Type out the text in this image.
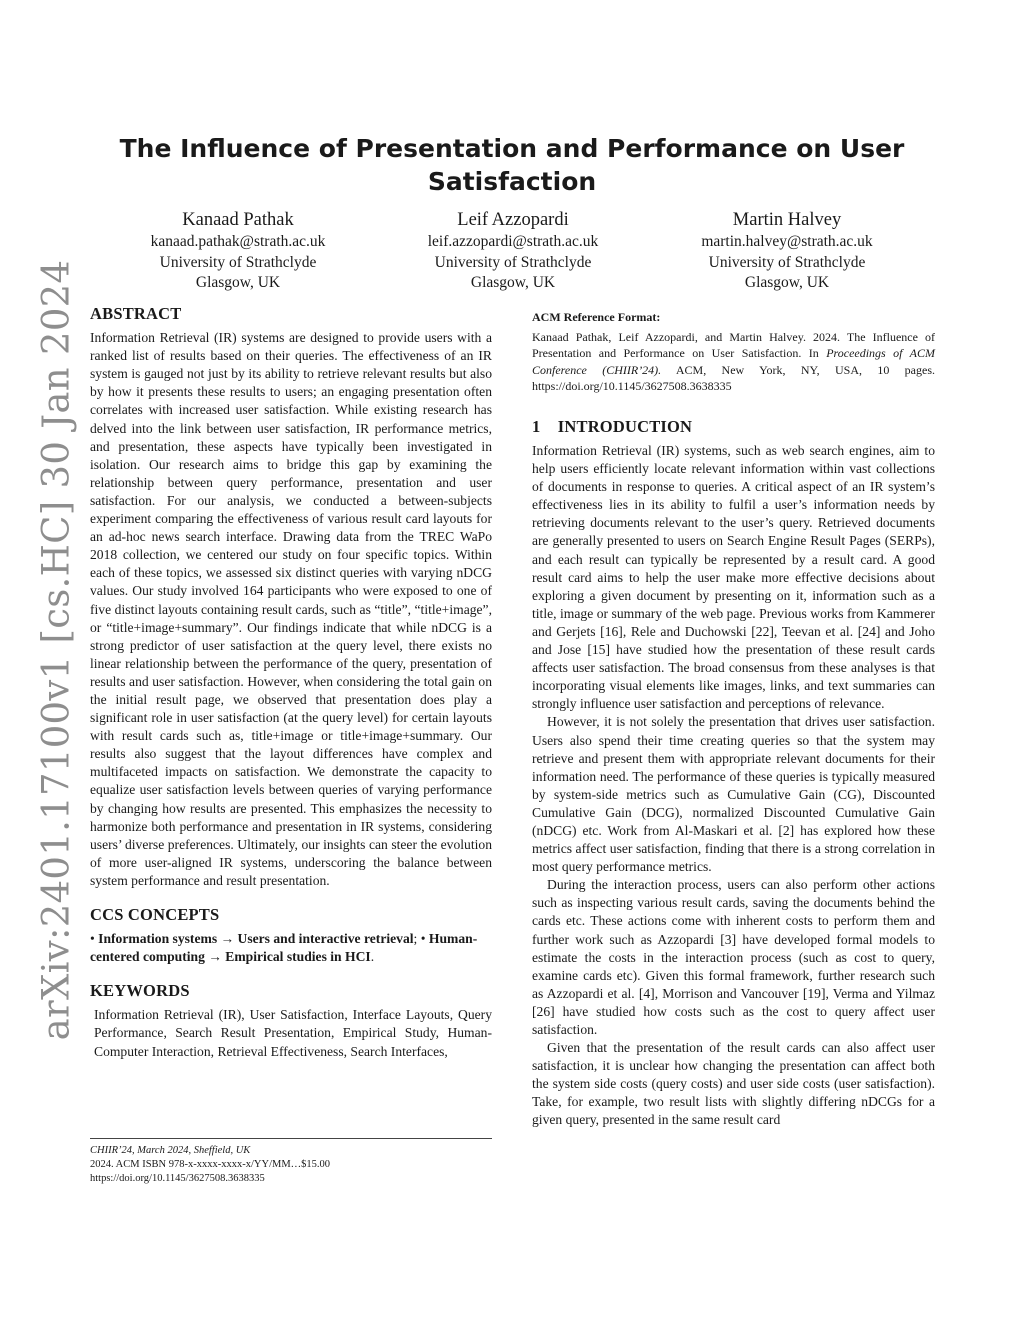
arXiv:2401.17100v1 [cs.HC] 30 Jan 2024
The Influence of Presentation and Performance on User Satisfaction
Kanaad Pathak
kanaad.pathak@strath.ac.uk
University of Strathclyde
Glasgow, UK
Leif Azzopardi
leif.azzopardi@strath.ac.uk
University of Strathclyde
Glasgow, UK
Martin Halvey
martin.halvey@strath.ac.uk
University of Strathclyde
Glasgow, UK
ABSTRACT

Information Retrieval (IR) systems are designed to provide users with a ranked list of results based on their queries. The effectiveness of an IR system is gauged not just by its ability to retrieve relevant results but also by how it presents these results to users; an engaging presentation often correlates with increased user satisfaction. While existing research has delved into the link between user satisfaction, IR performance metrics, and presentation, these aspects have typically been investigated in isolation. Our research aims to bridge this gap by examining the relationship between query performance, presentation and user satisfaction. For our analysis, we conducted a between-subjects experiment comparing the effectiveness of various result card layouts for an ad-hoc news search interface. Drawing data from the TREC WaPo 2018 collection, we centered our study on four specific topics. Within each of these topics, we assessed six distinct queries with varying nDCG values. Our study involved 164 participants who were exposed to one of five distinct layouts containing result cards, such as “title”, “title+image”, or “title+image+summary”. Our findings indicate that while nDCG is a strong predictor of user satisfaction at the query level, there exists no linear relationship between the performance of the query, presentation of results and user satisfaction. However, when considering the total gain on the initial result page, we observed that presentation does play a significant role in user satisfaction (at the query level) for certain layouts with result cards such as, title+image or title+image+summary. Our results also suggest that the layout differences have complex and multifaceted impacts on satisfaction. We demonstrate the capacity to equalize user satisfaction levels between queries of varying performance by changing how results are presented. This emphasizes the necessity to harmonize both performance and presentation in IR systems, considering users’ diverse preferences. Ultimately, our insights can steer the evolution of more user-aligned IR systems, underscoring the balance between system performance and result presentation.

CCS CONCEPTS

• Information systems → Users and interactive retrieval; • Human-centered computing → Empirical studies in HCI.

KEYWORDS

Information Retrieval (IR), User Satisfaction, Interface Layouts, Query Performance, Search Result Presentation, Empirical Study, Human-Computer Interaction, Retrieval Effectiveness, Search Interfaces,

CHIIR’24, March 2024, Sheffield, UK
2024. ACM ISBN 978-x-xxxx-xxxx-x/YY/MM…$15.00
https://doi.org/10.1145/3627508.3638335
ACM Reference Format:

Kanaad Pathak, Leif Azzopardi, and Martin Halvey. 2024. The Influence of Presentation and Performance on User Satisfaction. In Proceedings of ACM Conference (CHIIR’24). ACM, New York, NY, USA, 10 pages. https://doi.org/10.1145/3627508.3638335

1    INTRODUCTION

Information Retrieval (IR) systems, such as web search engines, aim to help users efficiently locate relevant information within vast collections of documents in response to queries. A critical aspect of an IR system’s effectiveness lies in its ability to fulfil a user’s information needs by retrieving documents relevant to the user’s query. Retrieved documents are generally presented to users on Search Engine Result Pages (SERPs), and each result can typically be represented by a result card. A good result card aims to help the user make more effective decisions about exploring a given document by presenting on it, information such as a title, image or summary of the web page. Previous works from Kammerer and Gerjets [16], Rele and Duchowski [22], Teevan et al. [24] and Joho and Jose [15] have studied how the presentation of these result cards affects user satisfaction. The broad consensus from these analyses is that incorporating visual elements like images, links, and text summaries can strongly influence user satisfaction and perceptions of relevance.

However, it is not solely the presentation that drives user satisfaction. Users also spend their time creating queries so that the system may retrieve and present them with appropriate relevant documents for their information need. The performance of these queries is typically measured by system-side metrics such as Cumulative Gain (CG), Discounted Cumulative Gain (DCG), normalized Discounted Cumulative Gain (nDCG) etc. Work from Al-Maskari et al. [2] has explored how these metrics affect user satisfaction, finding that there is a strong correlation in most query performance metrics.

During the interaction process, users can also perform other actions such as inspecting various result cards, saving the documents behind the cards etc. These actions come with inherent costs to perform them and further work such as Azzopardi [3] have developed formal models to estimate the costs in the interaction process (such as cost to query, examine cards etc). Given this formal framework, further research such as Azzopardi et al. [4], Morrison and Vancouver [19], Verma and Yilmaz [26] have studied how costs such as the cost to query affect user satisfaction.

Given that the presentation of the result cards can also affect user satisfaction, it is unclear how changing the presentation can affect both the system side costs (query costs) and user side costs (user satisfaction). Take, for example, two result lists with slightly differing nDCGs for a given query, presented in the same result card
